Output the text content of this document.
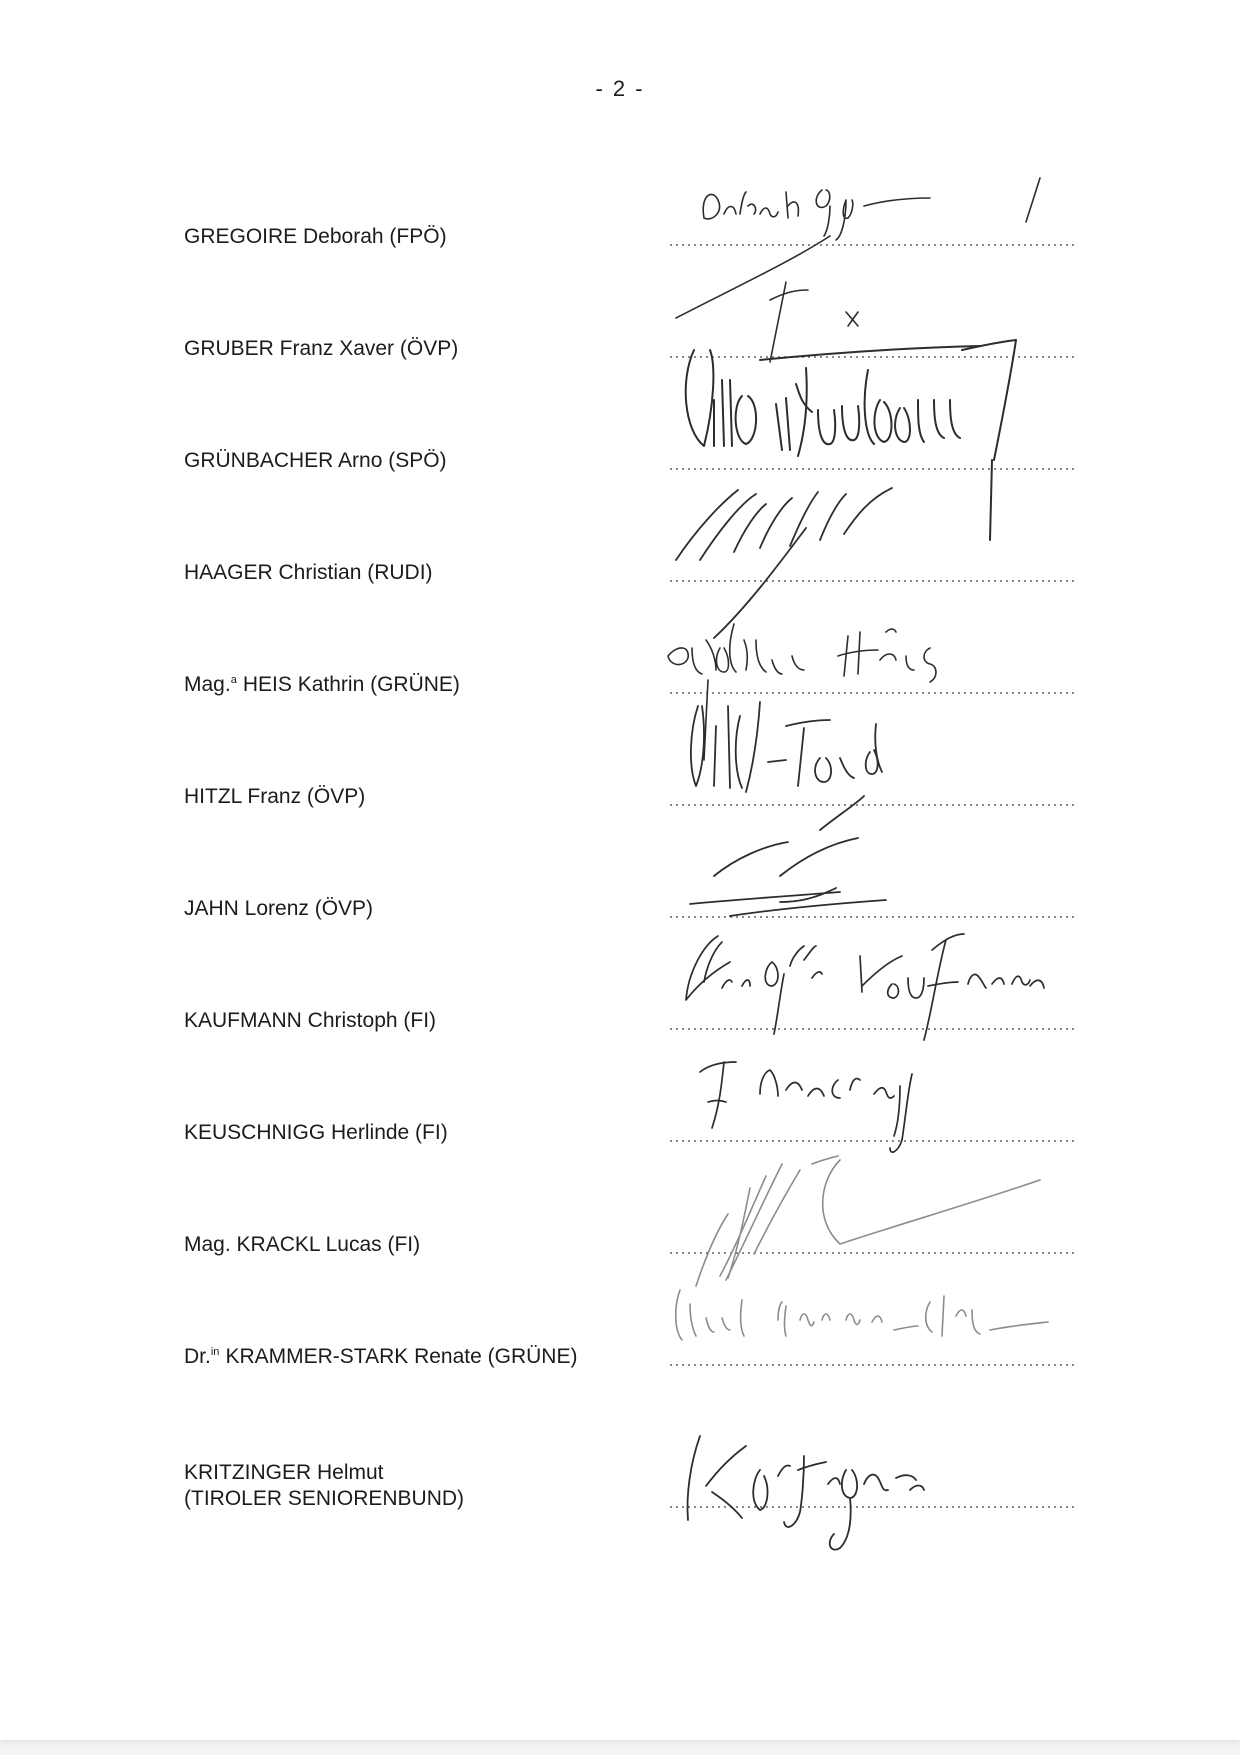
- 2 -
GREGOIRE Deborah (FPÖ)
GRUBER Franz Xaver (ÖVP)
GRÜNBACHER Arno (SPÖ)
HAAGER Christian (RUDI)
Mag.$^a$ HEIS Kathrin (GRÜNE)
HITZL Franz (ÖVP)
JAHN Lorenz (ÖVP)
KAUFMANN Christoph (FI)
KEUSCHNIGG Herlinde (FI)
Mag. KRACKL Lucas (FI)
Dr.$^{in}$ KRAMMER-STARK Renate (GRÜNE)
KRITZINGER Helmut
(TIROLER SENIORENBUND)
